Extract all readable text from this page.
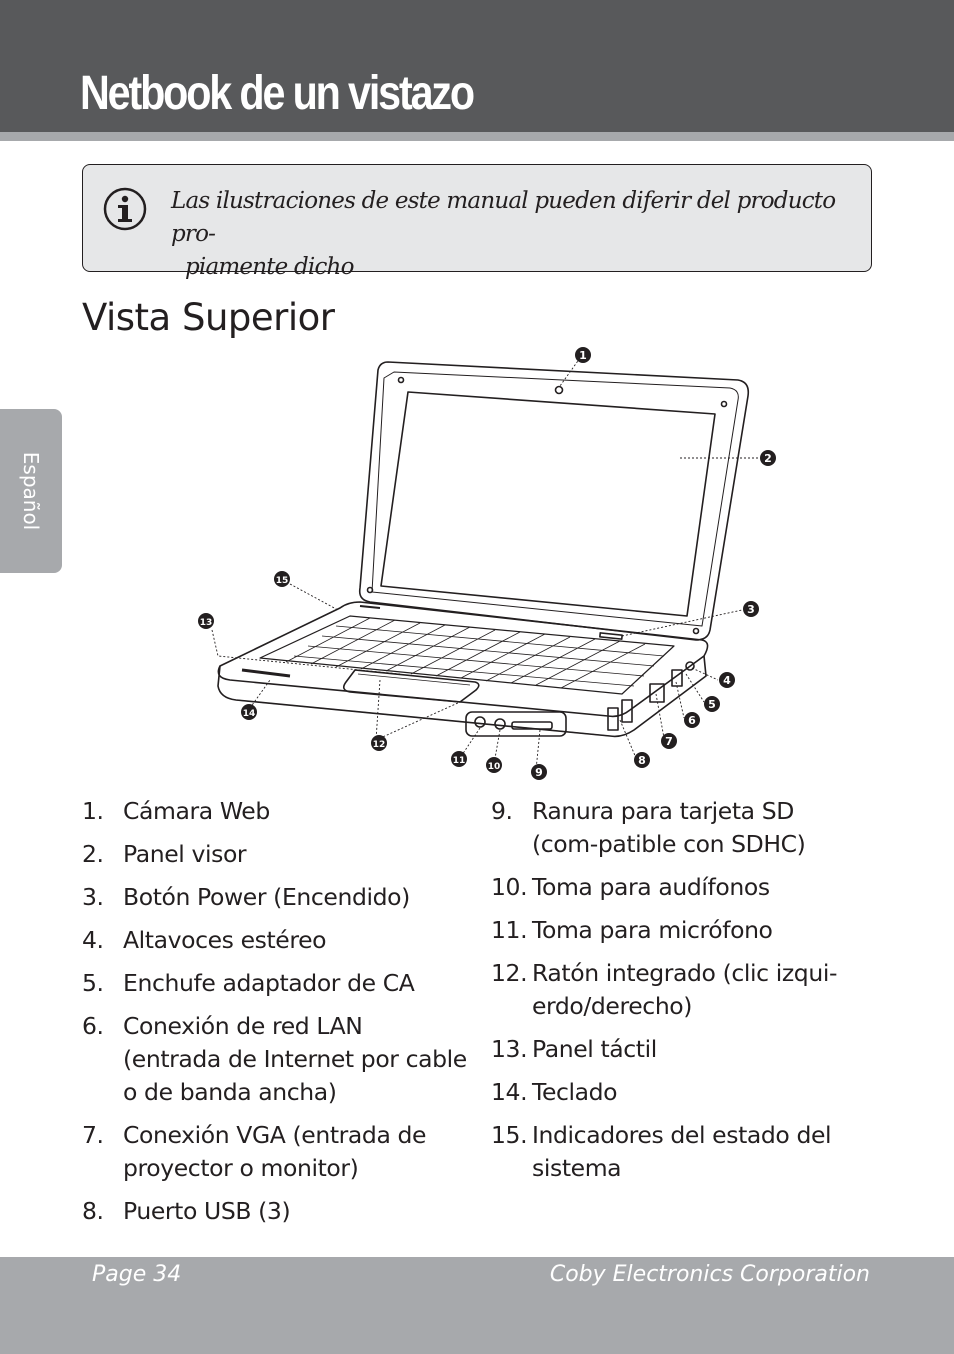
Netbook de un vistazo
Español
Las ilustraciones de este manual pueden diferir del producto pro-
piamente dicho
Vista Superior
1
2
3
4
5
6
7
8
9
10
11
12
13
14
15
1. Cámara Web
2. Panel visor
3. Botón Power (Encendido)
4. Altavoces estéreo
5. Enchufe adaptador de CA
6. Conexión de red LAN (entrada de Internet por cable o de banda ancha)
7. Conexión VGA (entrada de proyector o monitor)
8. Puerto USB (3)
9. Ranura para tarjeta SD (com-patible con SDHC)
10. Toma para audífonos
11. Toma para micrófono
12. Ratón integrado (clic izqui-erdo/derecho)
13. Panel táctil
14. Teclado
15. Indicadores del estado del sistema
Page 34	Coby Electronics Corporation
